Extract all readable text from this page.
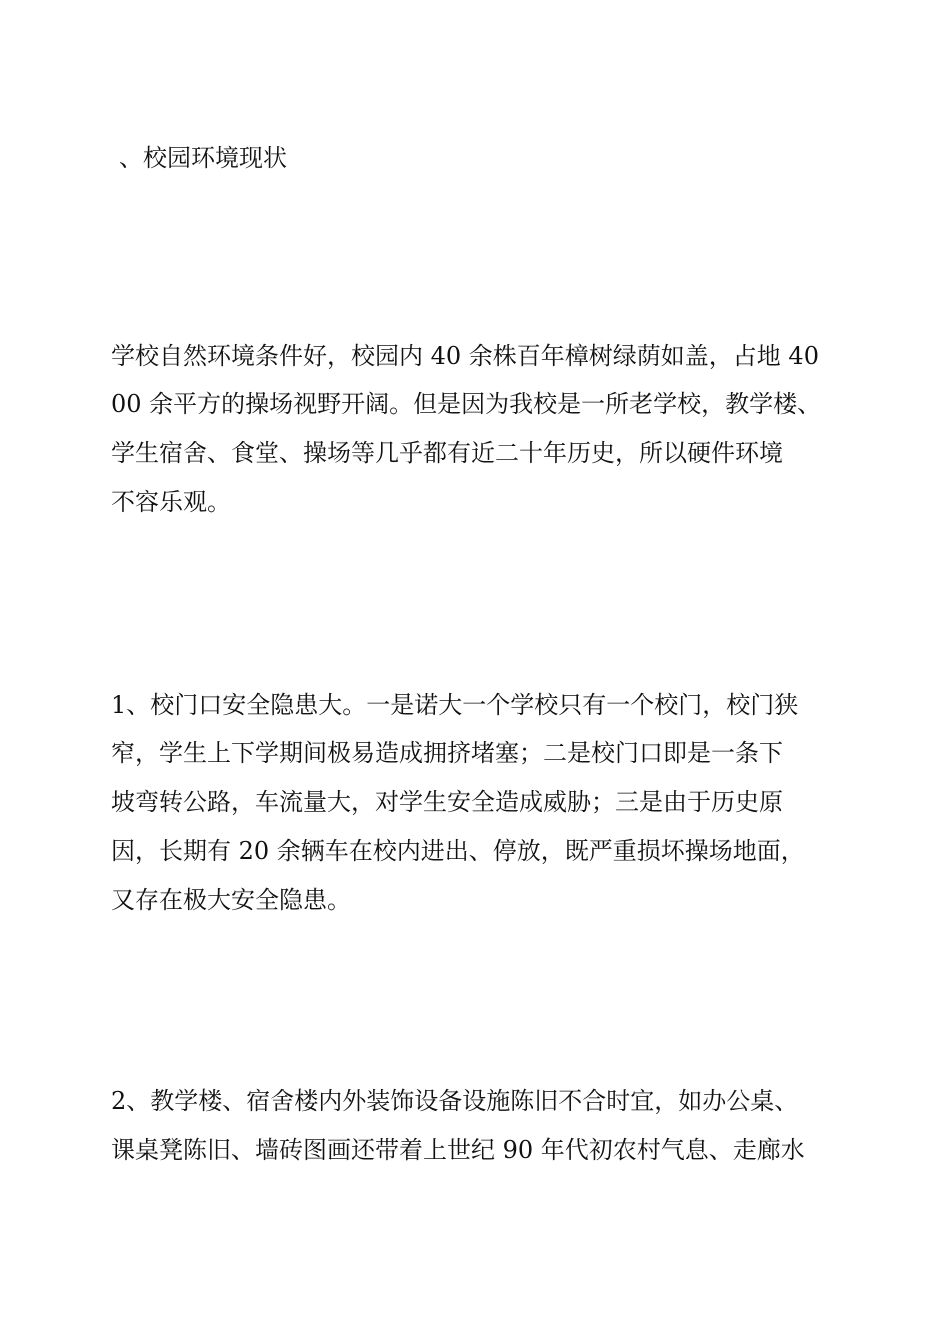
、校园环境现状

学校自然环境条件好，校园内 40 余株百年樟树绿荫如盖，占地 40

00 余平方的操场视野开阔。但是因为我校是一所老学校，教学楼、

学生宿舍、食堂、操场等几乎都有近二十年历史，所以硬件环境

不容乐观。

1、校门口安全隐患大。一是诺大一个学校只有一个校门，校门狭

窄，学生上下学期间极易造成拥挤堵塞；二是校门口即是一条下

坡弯转公路，车流量大，对学生安全造成威胁；三是由于历史原

因，长期有 20 余辆车在校内进出、停放，既严重损坏操场地面，

又存在极大安全隐患。

2、教学楼、宿舍楼内外装饰设备设施陈旧不合时宜，如办公桌、

课桌凳陈旧、墙砖图画还带着上世纪 90 年代初农村气息、走廊水
